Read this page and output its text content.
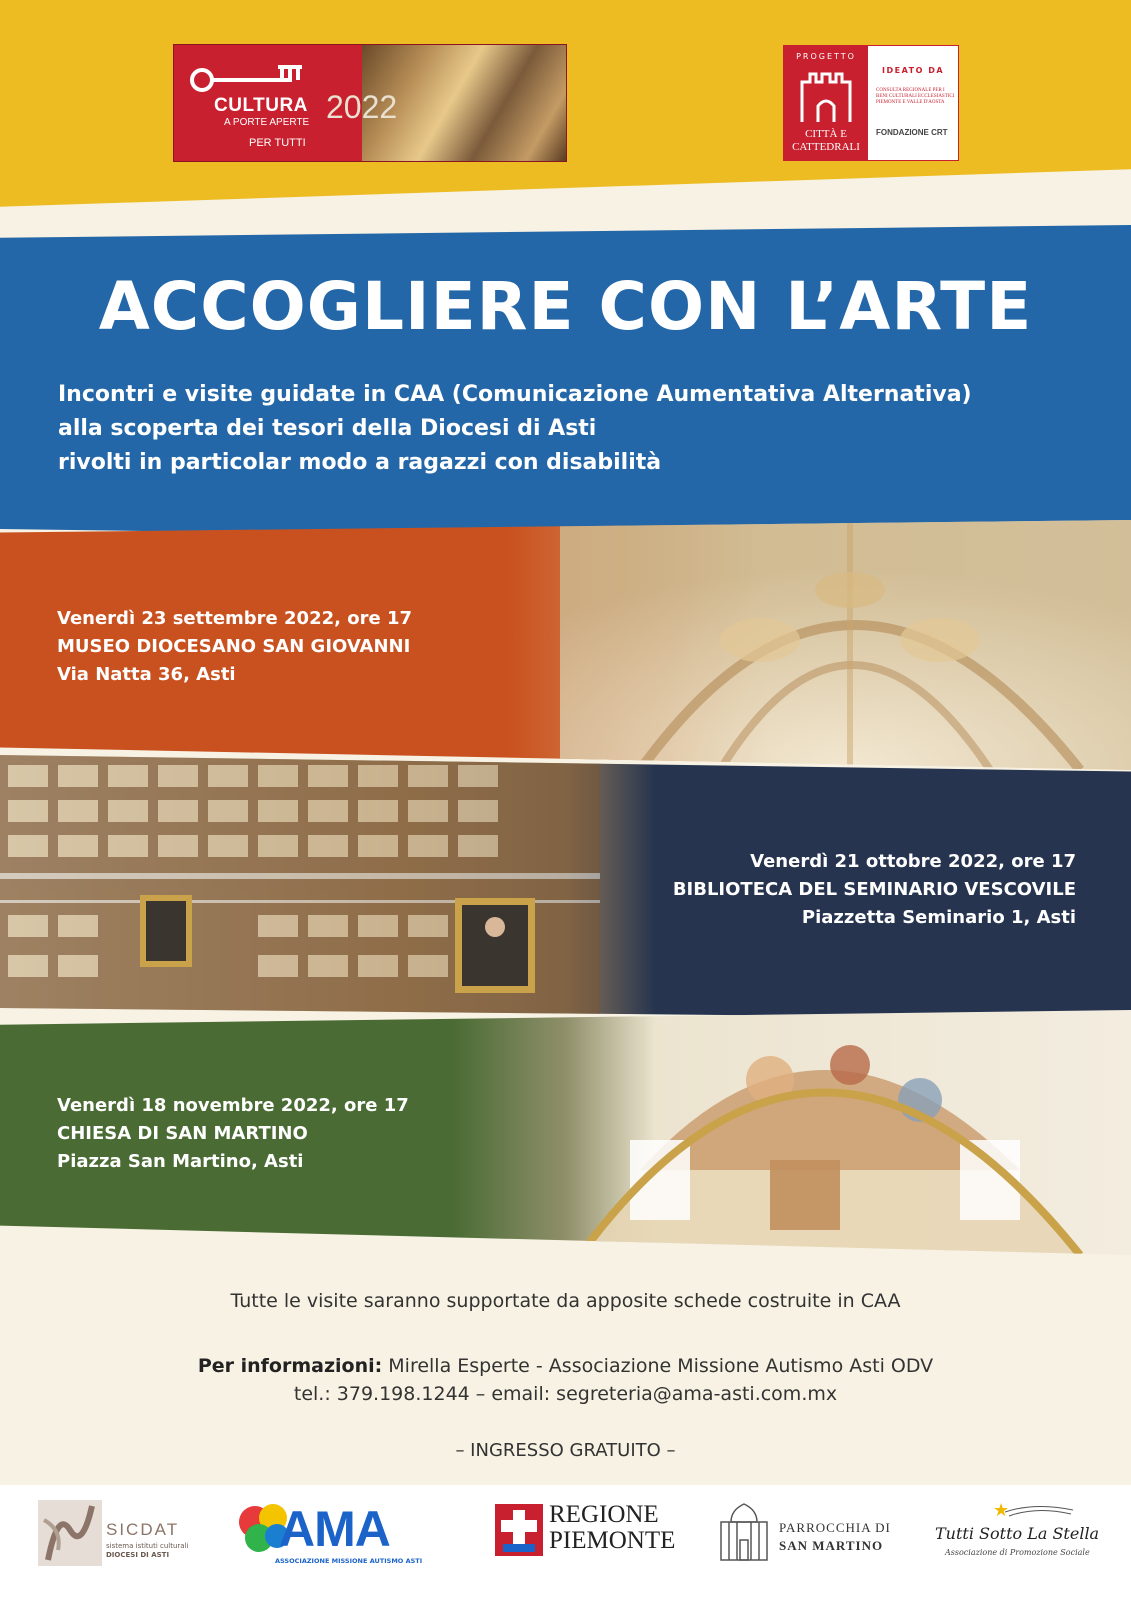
CULTURA
A PORTE APERTE
PER TUTTI
2022
PROGETTO
CITTÀ E CATTEDRALI
IDEATO DA
CONSULTA REGIONALE PER I BENI CULTURALI ECCLESIASTICI PIEMONTE E VALLE D'AOSTA
FONDAZIONE CRT
ACCOGLIERE CON L’ARTE
Incontri e visite guidate in CAA (Comunicazione Aumentativa Alternativa)
alla scoperta dei tesori della Diocesi di Asti
rivolti in particolar modo a ragazzi con disabilità
Venerdì 23 settembre 2022, ore 17
MUSEO DIOCESANO SAN GIOVANNI
Via Natta 36, Asti
Venerdì 21 ottobre 2022, ore 17
BIBLIOTECA DEL SEMINARIO VESCOVILE
Piazzetta Seminario 1, Asti
Venerdì 18 novembre 2022, ore 17
CHIESA DI SAN MARTINO
Piazza San Martino, Asti
Tutte le visite saranno supportate da apposite schede costruite in CAA
Per informazioni: Mirella Esperte - Associazione Missione Autismo Asti ODV
tel.: 379.198.1244 – email: segreteria@ama-asti.com.mx
– INGRESSO GRATUITO –
SICDAT
sistema istituti culturali
DIOCESI DI ASTI AMA
ASSOCIAZIONE MISSIONE AUTISMO ASTI
REGIONE
PIEMONTE	PARROCCHIA DI
SAN MARTINO
★
Tutti Sotto La Stella
Associazione di Promozione Sociale
